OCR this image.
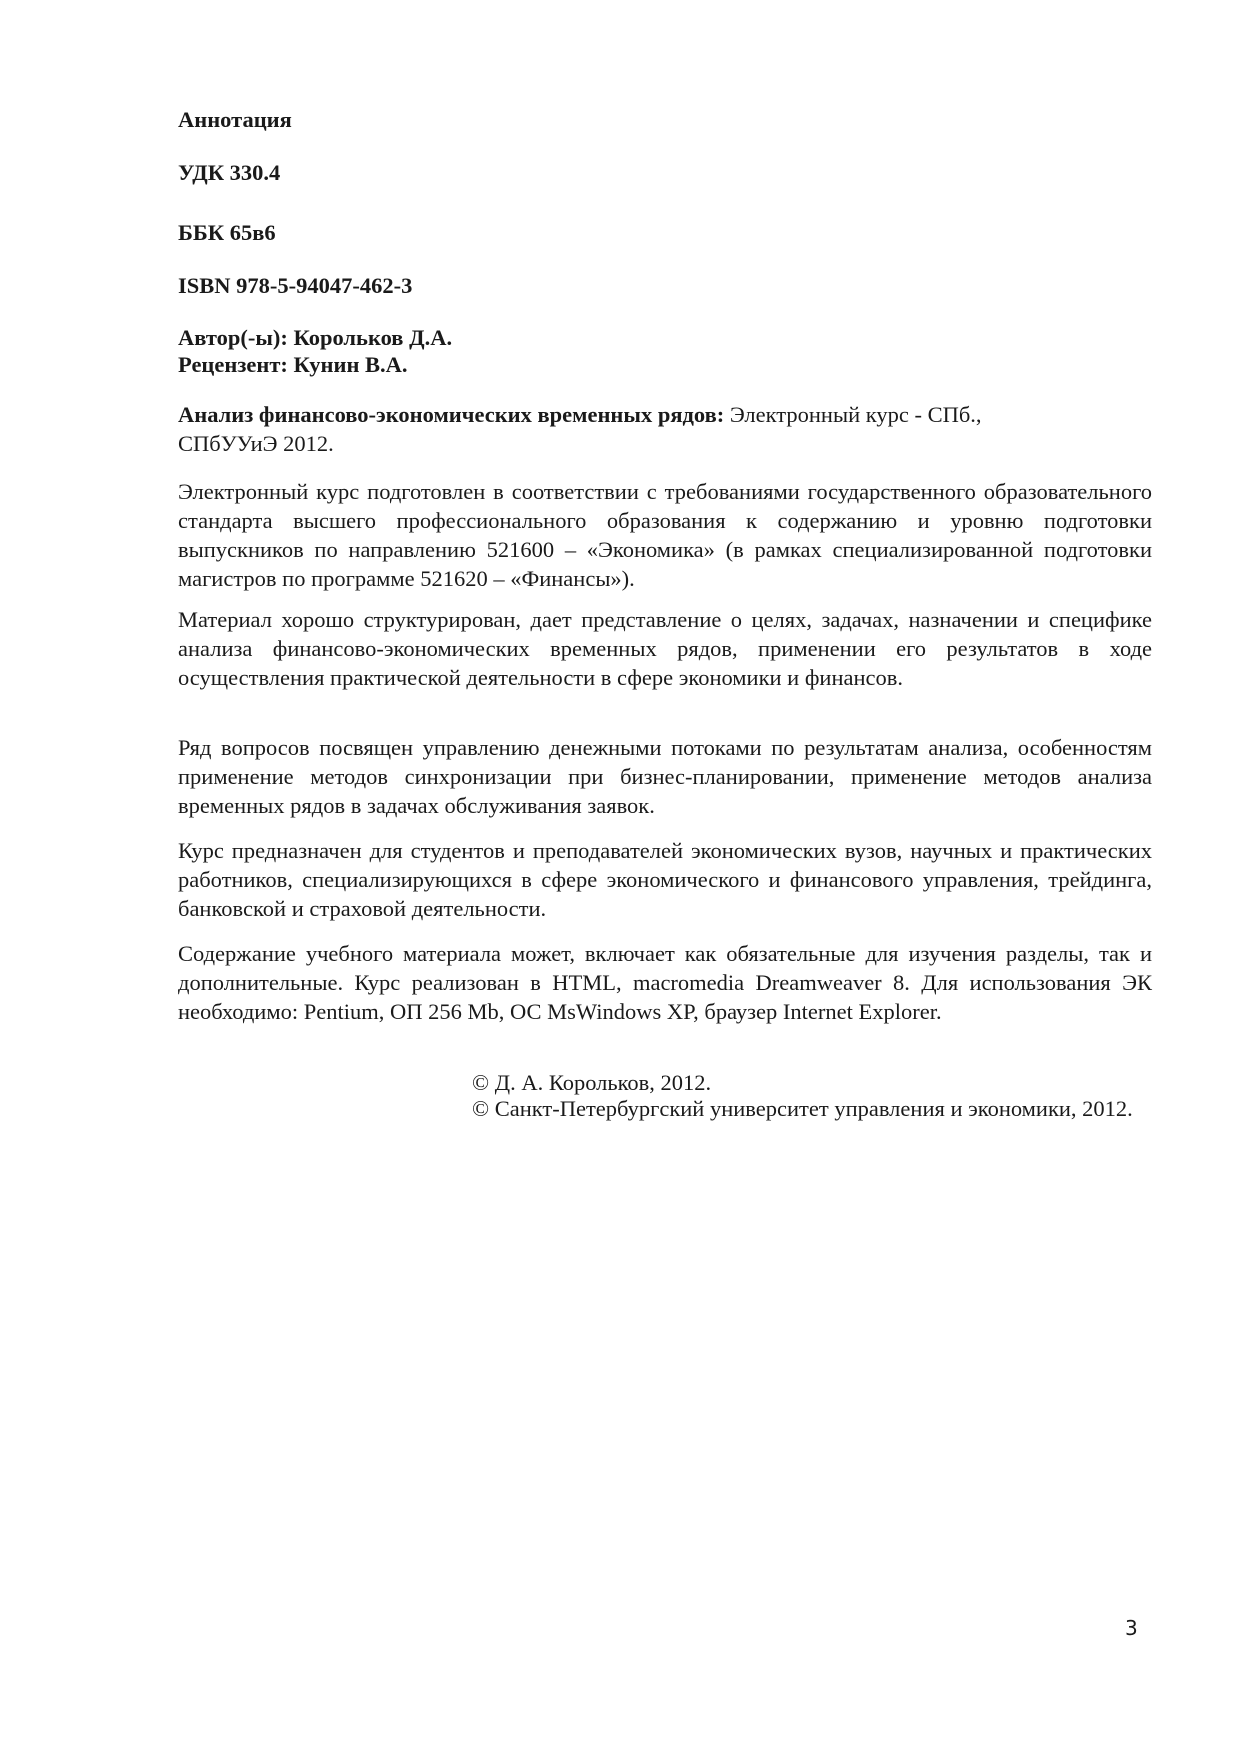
Аннотация

УДК 330.4

ББК 65в6

ISBN 978-5-94047-462-3

Автор(-ы): Корольков Д.А.

Рецензент: Кунин В.А.

Анализ финансово-экономических временных рядов: Электронный курс - СПб., СПбУУиЭ 2012.

Электронный курс подготовлен в соответствии с требованиями государственного образовательного стандарта высшего профессионального образования к содержанию и уровню подготовки выпускников по направлению 521600 – «Экономика» (в рамках специализированной подготовки магистров по программе 521620 – «Финансы»).

Материал хорошо структурирован, дает представление о целях, задачах, назначении и специфике анализа финансово-экономических временных рядов, применении его результатов в ходе осуществления практической деятельности в сфере экономики и финансов.

Ряд вопросов посвящен управлению денежными потоками по результатам анализа, особенностям применение методов синхронизации при бизнес-планировании, применение методов анализа временных рядов в задачах обслуживания заявок.

Курс предназначен для студентов и преподавателей экономических вузов, научных и практических работников, специализирующихся в сфере экономического и финансового управления, трейдинга, банковской и страховой деятельности.

Содержание учебного материала может, включает как обязательные для изучения разделы, так и дополнительные. Курс реализован в HTML, macromedia Dreamweaver 8. Для использования ЭК необходимо: Pentium, ОП 256 Mb, ОС MsWindows XP, браузер Internet Explorer.

© Д. А. Корольков, 2012.

© Санкт-Петербургский университет управления и экономики, 2012.

3
